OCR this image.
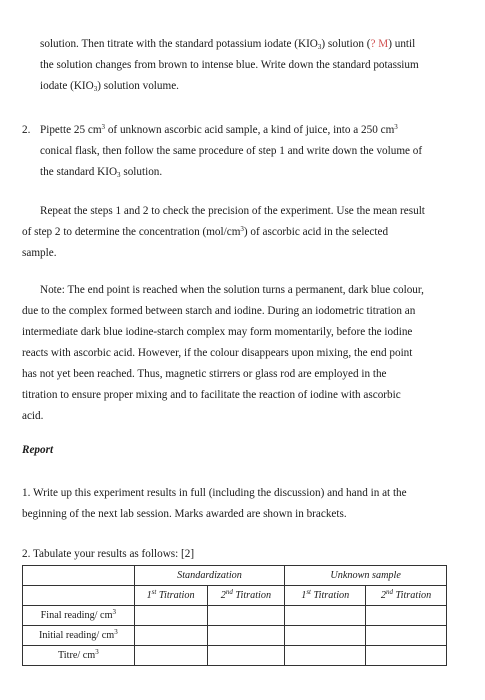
solution. Then titrate with the standard potassium iodate $(KIO_3)$ solution (? M) until
the solution changes from brown to intense blue. Write down the standard potassium
iodate $(KIO_3)$ solution volume.
2. Pipette 25 $cm^3$ of unknown ascorbic acid sample, a kind of juice, into a 250 $cm^3$
conical flask, then follow the same procedure of step 1 and write down the volume of
the standard $KIO_3$ solution.
Repeat the steps 1 and 2 to check the precision of the experiment. Use the mean result
of step 2 to determine the concentration $(mol/cm^3)$ of ascorbic acid in the selected
sample.
Note: The end point is reached when the solution turns a permanent, dark blue colour,
due to the complex formed between starch and iodine. During an iodometric titration an
intermediate dark blue iodine-starch complex may form momentarily, before the iodine
reacts with ascorbic acid. However, if the colour disappears upon mixing, the end point
has not yet been reached. Thus, magnetic stirrers or glass rod are employed in the
titration to ensure proper mixing and to facilitate the reaction of iodine with ascorbic
acid.
Report
1. Write up this experiment results in full (including the discussion) and hand in at the
beginning of the next lab session. Marks awarded are shown in brackets.
2. Tabulate your results as follows: [2]
	Standardization		Unknown sample	
	1st Titration	2nd Titration	1st Titration	2nd Titration
Final reading/ $cm^3$				
Initial reading/ $cm^3$				
Titre/ $cm^3$				
